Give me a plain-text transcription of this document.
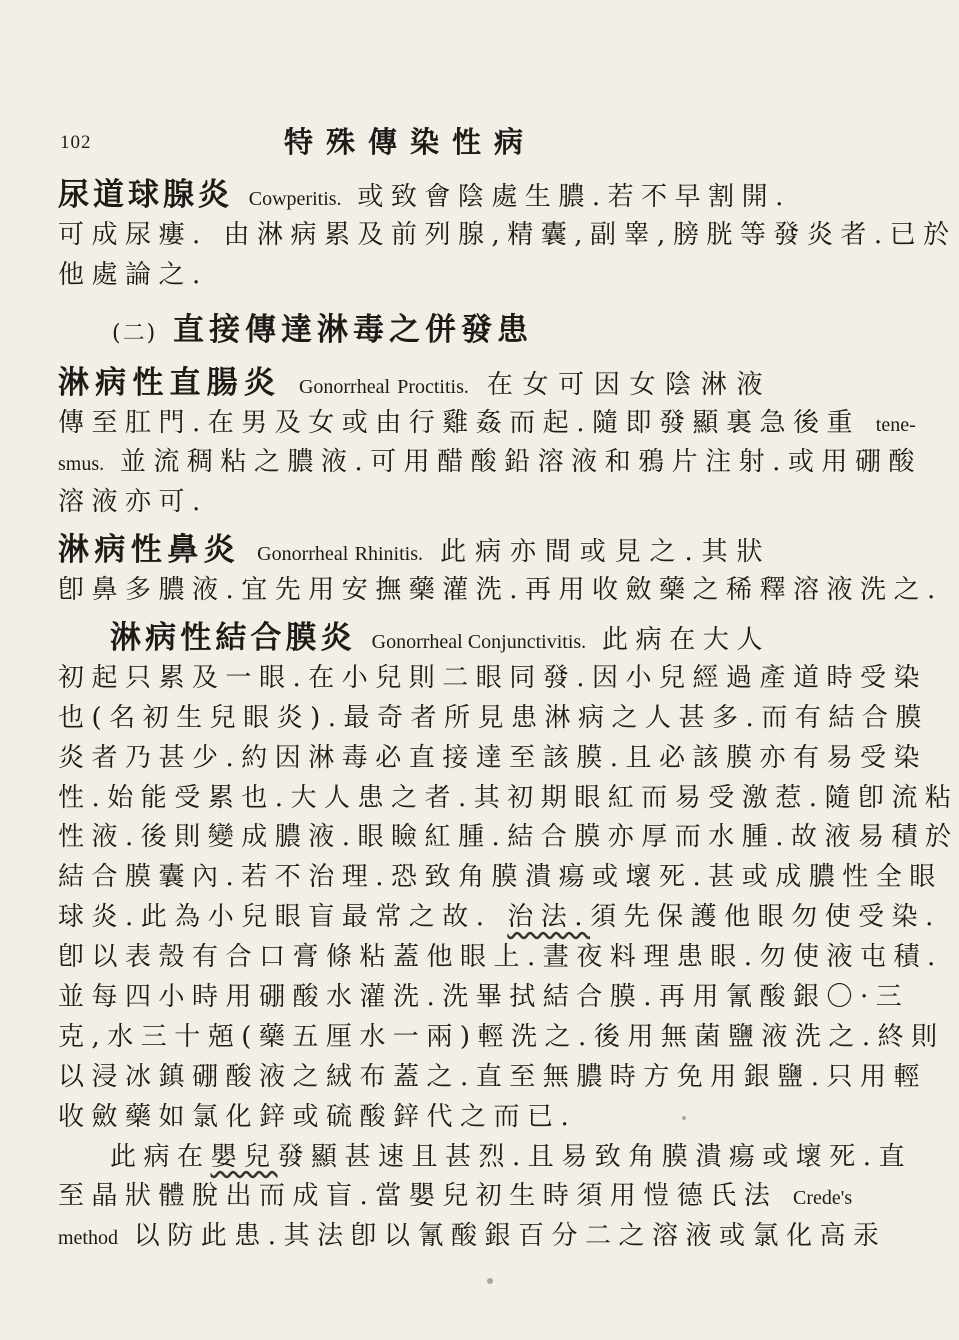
102	特殊傳染性病
尿道球腺炎 Cowperitis. 或致會陰處生膿.若不早割開.
可成尿瘻. 由淋病累及前列腺,精囊,副睾,膀胱等發炎者.已於
他處論之.
(二) 直接傳達淋毒之併發患
淋病性直腸炎 Gonorrheal Proctitis. 在女可因女陰淋液
傳至肛門.在男及女或由行雞姦而起.隨即發顯裏急後重 tene-
smus. 並流稠粘之膿液.可用醋酸鉛溶液和鴉片注射.或用硼酸
溶液亦可.
淋病性鼻炎 Gonorrheal Rhinitis. 此病亦間或見之.其狀
卽鼻多膿液.宜先用安撫藥灌洗.再用收斂藥之稀釋溶液洗之.
淋病性結合膜炎 Gonorrheal Conjunctivitis. 此病在大人
初起只累及一眼.在小兒則二眼同發.因小兒經過產道時受染
也(名初生兒眼炎).最奇者所見患淋病之人甚多.而有結合膜
炎者乃甚少.約因淋毒必直接達至該膜.且必該膜亦有易受染
性.始能受累也.大人患之者.其初期眼紅而易受激惹.隨卽流粘
性液.後則變成膿液.眼瞼紅腫.結合膜亦厚而水腫.故液易積於
結合膜囊內.若不治理.恐致角膜潰瘍或壞死.甚或成膿性全眼
球炎.此為小兒眼盲最常之故. 治法.須先保護他眼勿使受染.
卽以表殼有合口膏條粘蓋他眼上.晝夜料理患眼.勿使液屯積.
並每四小時用硼酸水灌洗.洗畢拭結合膜.再用氰酸銀〇·三
克,水三十兡(藥五厘水一兩)輕洗之.後用無菌鹽液洗之.終則
以浸冰鎮硼酸液之絨布蓋之.直至無膿時方免用銀鹽.只用輕
收斂藥如氯化鋅或硫酸鋅代之而已.
此病在嬰兒發顯甚速且甚烈.且易致角膜潰瘍或壞死.直
至晶狀體脫出而成盲.當嬰兒初生時須用愷德氏法 Crede's
method 以防此患.其法卽以氰酸銀百分二之溶液或氯化高汞
